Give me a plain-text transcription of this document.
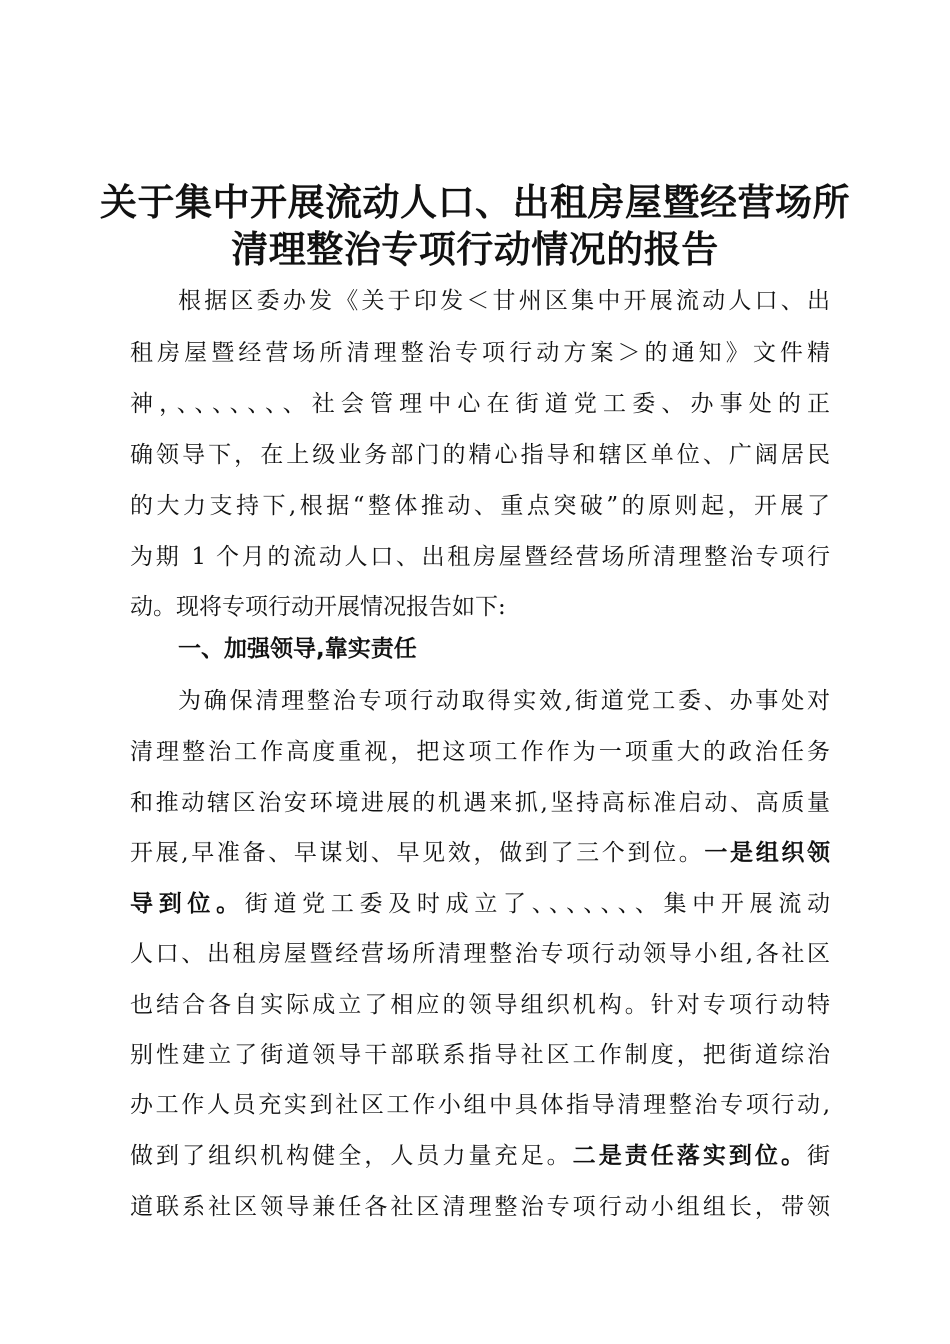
关于集中开展流动人口、出租房屋暨经营场所
清理整治专项行动情况的报告
根据区委办发《关于印发＜甘州区集中开展流动人口、出
租房屋暨经营场所清理整治专项行动方案＞的通知》文件精
神，、、、、、、、社会管理中心在街道党工委、办事处的正
确领导下，在上级业务部门的精心指导和辖区单位、广阔居民
的大力支持下,根据“整体推动、重点突破”的原则起，开展了
为期 1 个月的流动人口、出租房屋暨经营场所清理整治专项行
动。现将专项行动开展情况报告如下:
一、加强领导,靠实责任
为确保清理整治专项行动取得实效,街道党工委、办事处对
清理整治工作高度重视，把这项工作作为一项重大的政治任务
和推动辖区治安环境进展的机遇来抓,坚持高标准启动、高质量
开展,早准备、早谋划、早见效，做到了三个到位。一是组织领
导到位。街道党工委及时成立了、、、、、、、集中开展流动
人口、出租房屋暨经营场所清理整治专项行动领导小组,各社区
也结合各自实际成立了相应的领导组织机构。针对专项行动特
别性建立了街道领导干部联系指导社区工作制度，把街道综治
办工作人员充实到社区工作小组中具体指导清理整治专项行动,
做到了组织机构健全，人员力量充足。二是责任落实到位。街
道联系社区领导兼任各社区清理整治专项行动小组组长，带领
